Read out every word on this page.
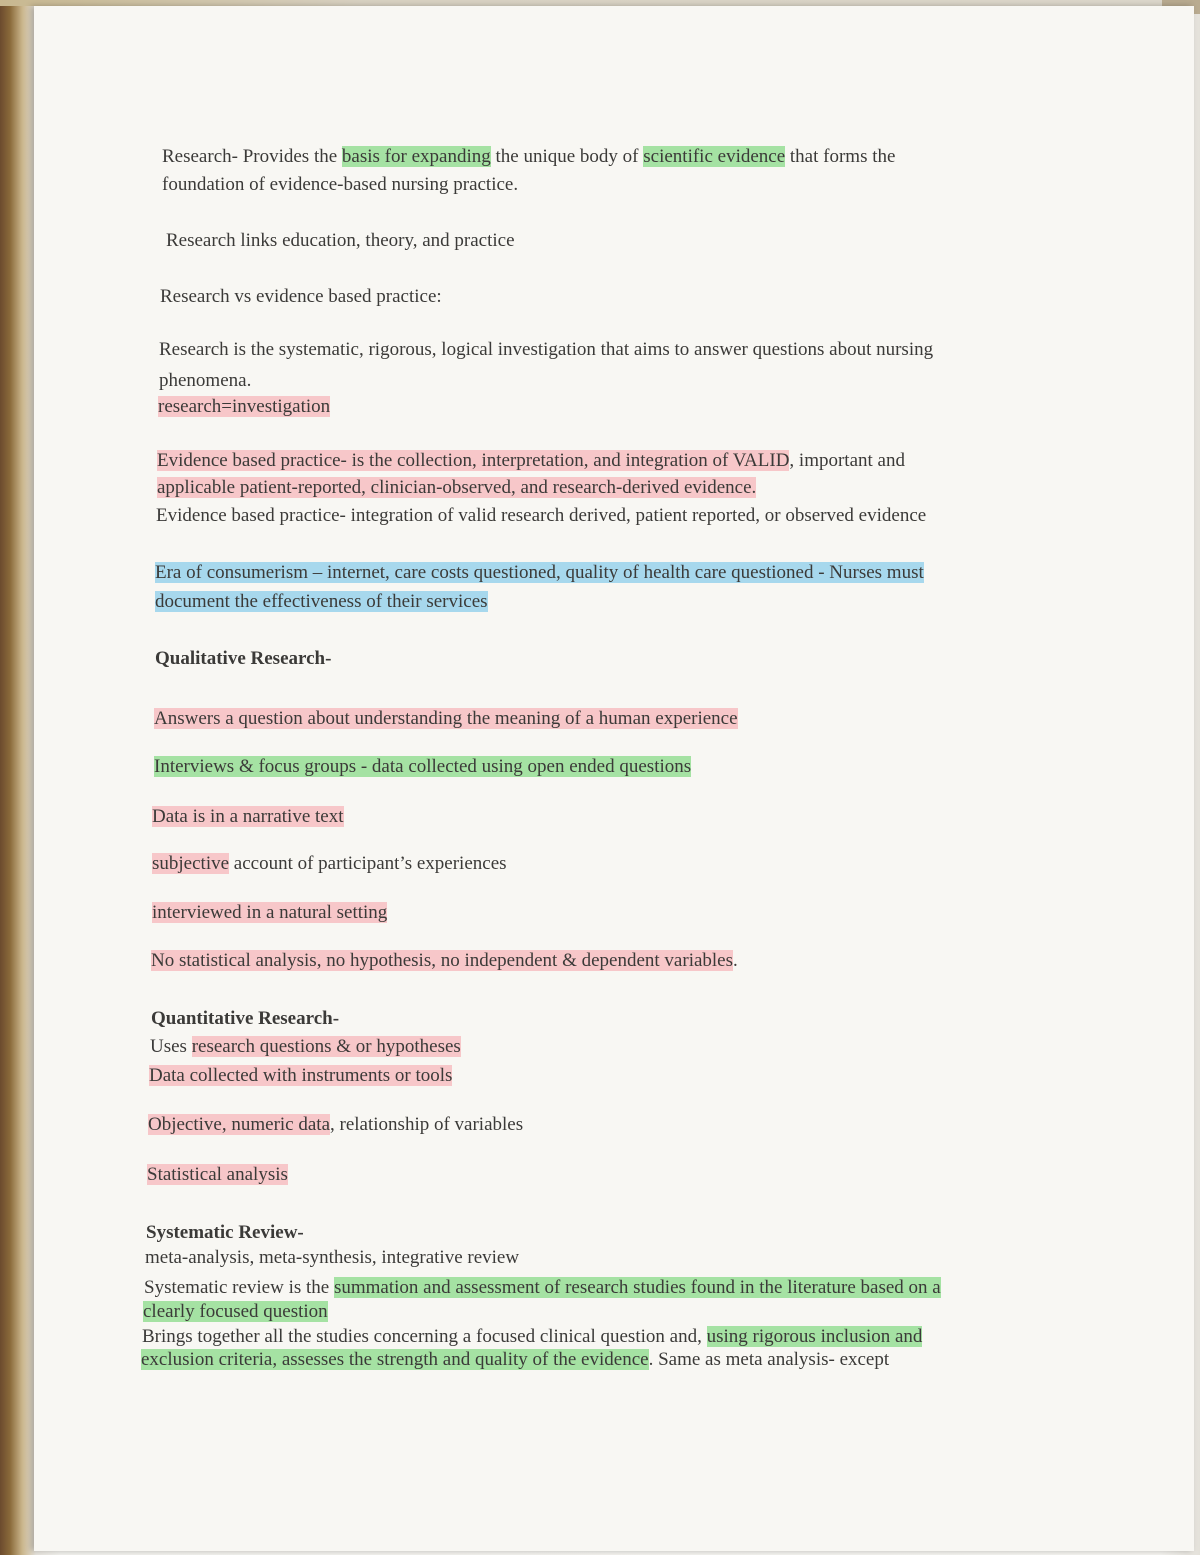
Research- Provides the basis for expanding the unique body of scientific evidence that forms the
foundation of evidence-based nursing practice.
Research links education, theory, and practice
Research vs evidence based practice:
Research is the systematic, rigorous, logical investigation that aims to answer questions about nursing
phenomena.
research=investigation
Evidence based practice- is the collection, interpretation, and integration of VALID, important and
applicable patient-reported, clinician-observed, and research-derived evidence.
Evidence based practice- integration of valid research derived, patient reported, or observed evidence
Era of consumerism – internet, care costs questioned, quality of health care questioned - Nurses must
document the effectiveness of their services
Qualitative Research-
Answers a question about understanding the meaning of a human experience
Interviews & focus groups - data collected using open ended questions
Data is in a narrative text
subjective account of participant’s experiences
interviewed in a natural setting
No statistical analysis, no hypothesis, no independent & dependent variables.
Quantitative Research-
Uses research questions & or hypotheses
Data collected with instruments or tools
Objective, numeric data, relationship of variables
Statistical analysis
Systematic Review-
meta-analysis, meta-synthesis, integrative review
Systematic review is the summation and assessment of research studies found in the literature based on a
clearly focused question
Brings together all the studies concerning a focused clinical question and, using rigorous inclusion and
exclusion criteria, assesses the strength and quality of the evidence. Same as meta analysis- except
